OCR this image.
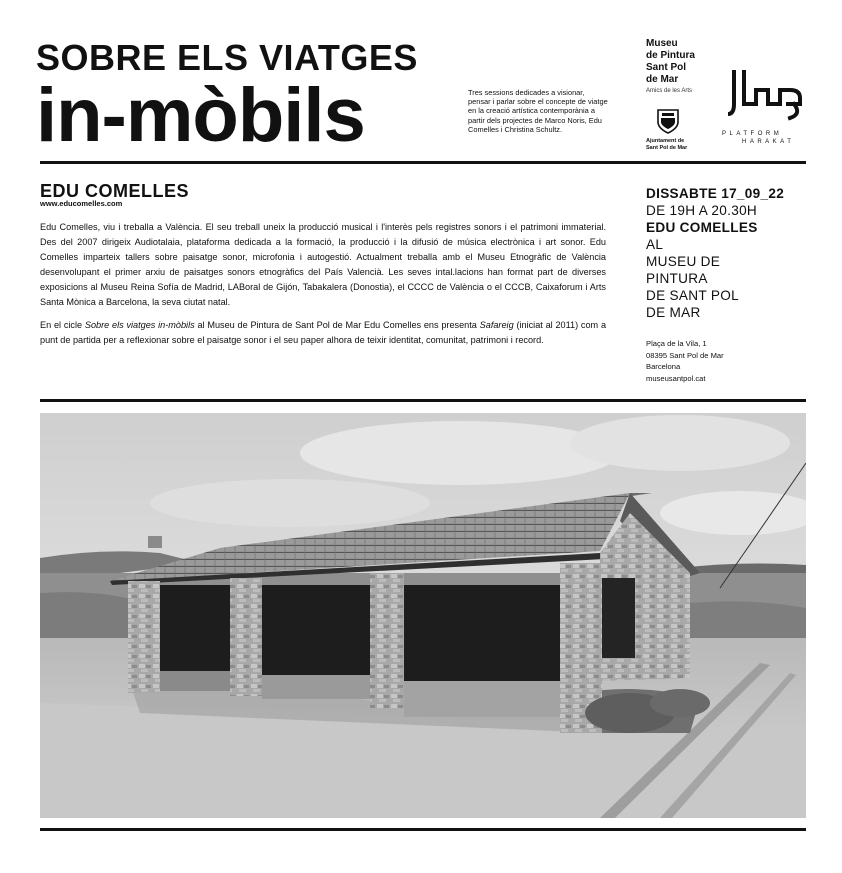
SOBRE ELS VIATGES
in-mòbils	Tres sessions dedicades a visionar, pensar i parlar sobre el concepte de viatge en la creació artística contemporània a partir dels projectes de Marco Noris, Edu Comelles i Christina Schultz.
Museu
de Pintura
Sant Pol
de Mar
Amics de les Arts
Ajuntament de
Sant Pol de Mar
PLATFORM
HARAKAT
EDU COMELLES
www.educomelles.com

Edu Comelles, viu i treballa a València. El seu treball uneix la producció musical i l'interès pels registres sonors i el patrimoni immaterial. Des del 2007 dirigeix Audiotalaia, plataforma dedicada a la formació, la producció i la difusió de música electrònica i art sonor. Edu Comelles imparteix tallers sobre paisatge sonor, microfonia i autogestió. Actualment treballa amb el Museu Etnogràfic de València desenvolupant el primer arxiu de paisatges sonors etnogràfics del País Valencià. Les seves intal.lacions han format part de diverses exposicions al Museu Reina Sofía de Madrid, LABoral de Gijón, Tabakalera (Donostia), el CCCC de València o el CCCB, Caixaforum i Arts Santa Mònica a Barcelona, la seva ciutat natal.

En el cicle Sobre els viatges in-mòbils al Museu de Pintura de Sant Pol de Mar Edu Comelles ens presenta Safareig (iniciat al 2011) com a punt de partida per a reflexionar sobre el paisatge sonor i el seu paper alhora de teixir identitat, comunitat, patrimoni i record.

DISSABTE 17_09_22
DE 19H A 20.30H
EDU COMELLES
AL
MUSEU DE
PINTURA
DE SANT POL
DE MAR
Plaça de la Vila, 1
08395 Sant Pol de Mar
Barcelona
museusantpol.cat
